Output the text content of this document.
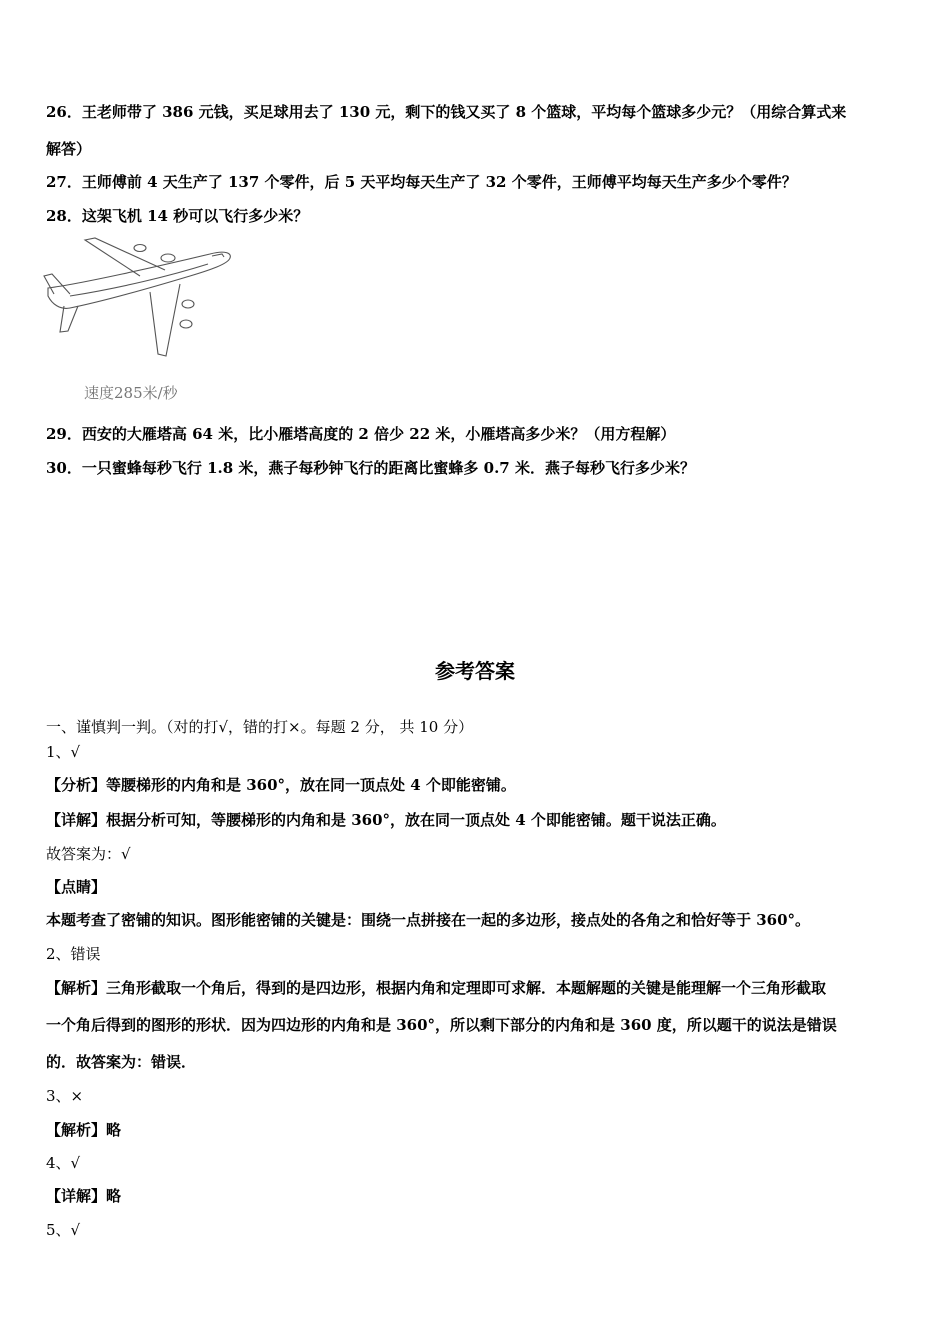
26．王老师带了 386 元钱，买足球用去了 130 元，剩下的钱又买了 8 个篮球，平均每个篮球多少元？（用综合算式来
解答）
27．王师傅前 4 天生产了 137 个零件，后 5 天平均每天生产了 32 个零件，王师傅平均每天生产多少个零件？
28．这架飞机 14 秒可以飞行多少米？
速度285米/秒
29．西安的大雁塔高 64 米，比小雁塔高度的 2 倍少 22 米，小雁塔高多少米？（用方程解）
30．一只蜜蜂每秒飞行 1.8 米，燕子每秒钟飞行的距离比蜜蜂多 0.7 米．燕子每秒飞行多少米？
参考答案
一、谨慎判一判。（对的打√，错的打×。每题 2 分， 共 10 分）
1、√
【分析】等腰梯形的内角和是 360°，放在同一顶点处 4 个即能密铺。
【详解】根据分析可知，等腰梯形的内角和是 360°，放在同一顶点处 4 个即能密铺。题干说法正确。
故答案为：√
【点睛】
本题考查了密铺的知识。图形能密铺的关键是：围绕一点拼接在一起的多边形，接点处的各角之和恰好等于 360°。
2、错误
【解析】三角形截取一个角后，得到的是四边形，根据内角和定理即可求解．本题解题的关键是能理解一个三角形截取
一个角后得到的图形的形状．因为四边形的内角和是 360°，所以剩下部分的内角和是 360 度，所以题干的说法是错误
的．故答案为：错误．
3、×
【解析】略
4、√
【详解】略
5、√
